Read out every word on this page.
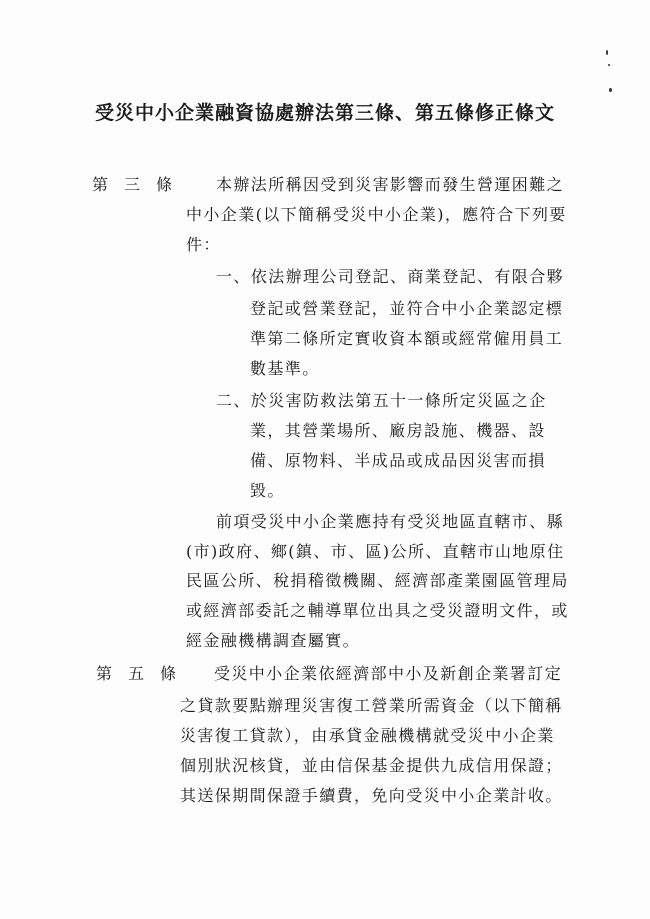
受災中小企業融資協處辦法第三條、第五條修正條文
第　三　條	本辦法所稱因受到災害影響而發生營運困難之
中小企業(以下簡稱受災中小企業)，應符合下列要
件：
一、依法辦理公司登記、商業登記、有限合夥
登記或營業登記，並符合中小企業認定標
準第二條所定實收資本額或經常僱用員工
數基準。
二、於災害防救法第五十一條所定災區之企
業，其營業場所、廠房設施、機器、設
備、原物料、半成品或成品因災害而損
毀。
前項受災中小企業應持有受災地區直轄市、縣
(市)政府、鄉(鎮、市、區)公所、直轄市山地原住
民區公所、稅捐稽徵機關、經濟部產業園區管理局
或經濟部委託之輔導單位出具之受災證明文件，或
經金融機構調查屬實。
第　五　條 受災中小企業依經濟部中小及新創企業署訂定
之貸款要點辦理災害復工營業所需資金（以下簡稱
災害復工貸款），由承貸金融機構就受災中小企業
個別狀況核貸，並由信保基金提供九成信用保證；
其送保期間保證手續費，免向受災中小企業計收。
